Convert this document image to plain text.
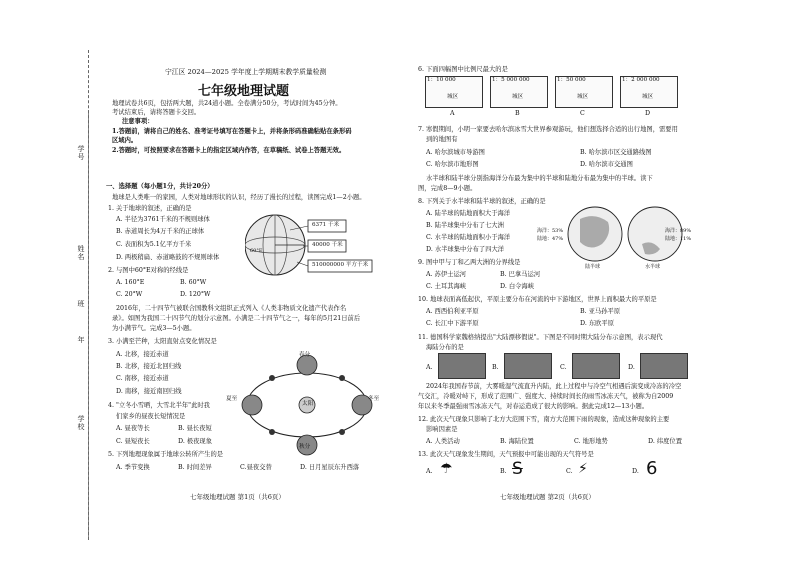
学号
姓名
班
年
学校
宁江区 2024—2025 学年度上学期期末教学质量检测
七年级地理试题
地理试卷共6页，包括两大题，共24道小题。全卷满分50分，考试时间为45分钟。
考试结束后，请将答题卡交回。
注意事项：
1.答题前，请将自己的姓名、准考证号填写在答题卡上，并将条形码准确粘贴在条形码
区域内。
2.答题时，可按照要求在答题卡上的指定区域内作答，在草稿纸、试卷上答题无效。
一、选择题（每小题1分，共计20分）
地球是人类唯一的家园，人类对地球形状的认识，经历了漫长的过程，读图完成1—2小题。
1. 关于地球的叙述，正确的是
A. 半径为3761千米的不规则球体
B. 赤道周长为4万千米的正球体
C. 表面积为5.1亿平方千米
D. 两极稍扁、赤道略鼓的不规则球体
6371 千米
40000 千米
510000000 平方千米
60°E
2. 与图中60°E对称的经线是
A. 160°E	B. 60°W
C. 20°W	D. 120°W
2016年，二十四节气被联合国教科文组织正式列入《人类非物质文化遗产代表作名
录》。如图为我国二十四节气的划分示意图。小满是二十四节气之一，每年的5月21日前后
为小满节气。完成3—5小题。
3. 小满至芒种，太阳直射点变化情况是
A. 北移，接近赤道
B. 北移，接近北回归线
C. 南移，接近赤道
D. 南移，接近南回归线
春分
夏至	冬至
秋分
太阳
4. "立冬小雪晒，大雪北半年"此时我
们家乡的昼夜长短情况是
A. 昼夜等长	B. 昼长夜短
C. 昼短夜长	D. 极夜现象
5. 下列地理现象属于地球公转所产生的是
A. 季节变换	B. 时间差异	C.昼夜交替	D. 日月星辰东升西落
七年级地理试题 第1页（共6页）
6. 下面四幅图中比例尺最大的是
1：10 000	1：5 000 000	1：50 000	1：2 000 000
城区	城区	城区	城区
A	B	C	D
7. 寒假期间，小明一家要去哈尔滨冰雪大世界参观游玩，他们想选择合适的出行地图，需要用
到的地图有
A. 哈尔滨城市导游图	B. 哈尔滨市区交通路线图
C. 哈尔滨市地形图	D. 哈尔滨市交通图
水半球和陆半球分别指海洋分布最为集中的半球和陆地分布最为集中的半球。读下
图，完成8—9小题。
8. 下列关于水半球和陆半球的叙述，正确的是
A. 陆半球的陆地面积大于海洋
B. 陆半球集中分布了七大洲
C. 水半球的陆地面积小于海洋
D. 水半球集中分布了四大洋
海洋：53%
陆地：47%
海洋：89%
陆地：11%
陆半球	水半球
9. 图中甲与丁和乙两大洲的分界线是
A. 苏伊士运河	B. 巴拿马运河
C. 土耳其海峡	D. 白令海峡
10. 地球表面高低起伏，平原主要分布在河流的中下游地区，世界上面积最大的平原是
A. 西西伯利亚平原	B. 亚马孙平原
C. 长江中下游平原	D. 东欧平原
11. 德国科学家魏格纳提出"大陆漂移假说"。下图是不同时期大陆分布示意图，表示现代
海陆分布的是
A.	B.	C.	D.
2024年我国春节前，大雾暖湿气流直升内陆，此上过程中与冷空气相遇后演变成冷冻的冷空
气交汇，冷暖对峙下，形成了范围广、强度大、持续时间长的雨雪冰冻天气，被称为自2009
年以来冬季最强雨雪冰冻天气，对春运造成了很大的影响。据此完成12—13小题。
12. 此次天气现象只影响了北方大范围下雪，南方大范围下雨的现象，造成这种现象的主要
影响因素是
A. 人类活动	B. 海陆位置	C. 地形地势	D. 纬度位置
13. 此次天气现象发生期间，天气预报中可能出现的天气符号是
A. ☂	B. S	C. ⚡	D. 6
七年级地理试题 第2页（共6页）
